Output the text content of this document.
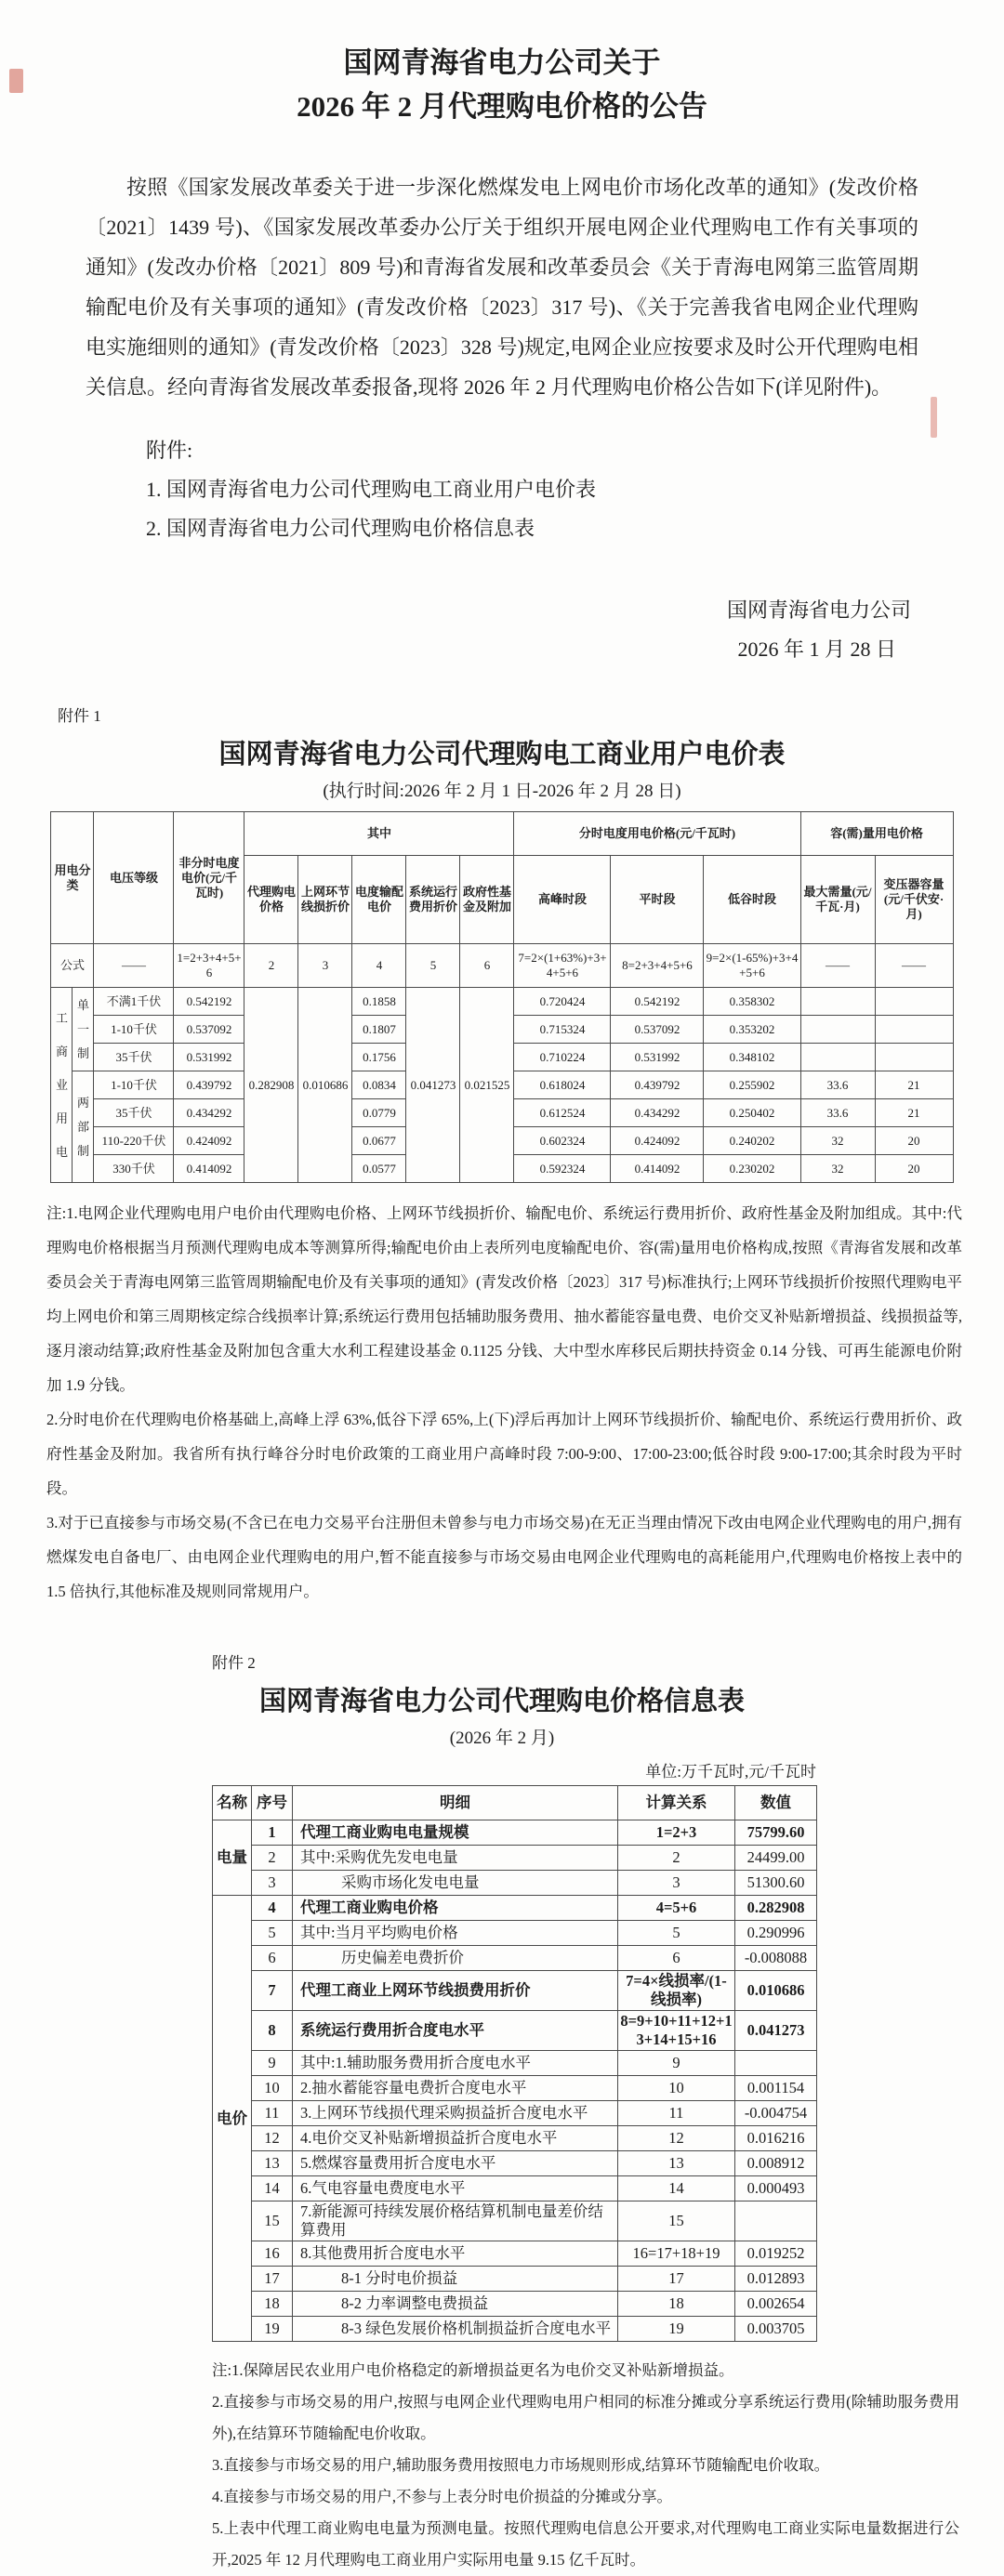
国网青海省电力公司关于
2026 年 2 月代理购电价格的公告

按照《国家发展改革委关于进一步深化燃煤发电上网电价市场化改革的通知》(发改价格〔2021〕1439 号)、《国家发展改革委办公厅关于组织开展电网企业代理购电工作有关事项的通知》(发改办价格〔2021〕809 号)和青海省发展和改革委员会《关于青海电网第三监管周期输配电价及有关事项的通知》(青发改价格〔2023〕317 号)、《关于完善我省电网企业代理购电实施细则的通知》(青发改价格〔2023〕328 号)规定,电网企业应按要求及时公开代理购电相关信息。经向青海省发展改革委报备,现将 2026 年 2 月代理购电价格公告如下(详见附件)。

附件:
1. 国网青海省电力公司代理购电工商业用户电价表
2. 国网青海省电力公司代理购电价格信息表
国网青海省电力公司
2026 年 1 月 28 日
附件 1
国网青海省电力公司代理购电工商业用户电价表
(执行时间:2026 年 2 月 1 日-2026 年 2 月 28 日)
用电分类		电压等级	非分时电度电价(元/千瓦时)	其中					分时电度用电价格(元/千瓦时)			容(需)量用电价格	
				代理购电价格	上网环节线损折价	电度输配电价	系统运行费用折价	政府性基金及附加	高峰时段	平时段	低谷时段	最大需量(元/千瓦·月)	变压器容量(元/千伏安·月)
公式		——	1=2+3+4+5+6	2	3	4	5	6	7=2×(1+63%)+3+4+5+6	8=2+3+4+5+6	9=2×(1-65%)+3+4+5+6	——	——
工商业用电	单一制	不满1千伏	0.542192	0.282908	0.010686	0.1858	0.041273	0.021525	0.720424	0.542192	0.358302		
		1-10千伏	0.537092			0.1807			0.715324	0.537092	0.353202		
		35千伏	0.531992			0.1756			0.710224	0.531992	0.348102		
	两部制	1-10千伏	0.439792			0.0834			0.618024	0.439792	0.255902	33.6	21
		35千伏	0.434292			0.0779			0.612524	0.434292	0.250402	33.6	21
		110-220千伏	0.424092			0.0677			0.602324	0.424092	0.240202	32	20
		330千伏	0.414092			0.0577			0.592324	0.414092	0.230202	32	20

注:1.电网企业代理购电用户电价由代理购电价格、上网环节线损折价、输配电价、系统运行费用折价、政府性基金及附加组成。其中:代理购电价格根据当月预测代理购电成本等测算所得;输配电价由上表所列电度输配电价、容(需)量用电价格构成,按照《青海省发展和改革委员会关于青海电网第三监管周期输配电价及有关事项的通知》(青发改价格〔2023〕317 号)标准执行;上网环节线损折价按照代理购电平均上网电价和第三周期核定综合线损率计算;系统运行费用包括辅助服务费用、抽水蓄能容量电费、电价交叉补贴新增损益、线损损益等,逐月滚动结算;政府性基金及附加包含重大水利工程建设基金 0.1125 分钱、大中型水库移民后期扶持资金 0.14 分钱、可再生能源电价附加 1.9 分钱。

2.分时电价在代理购电价格基础上,高峰上浮 63%,低谷下浮 65%,上(下)浮后再加计上网环节线损折价、输配电价、系统运行费用折价、政府性基金及附加。我省所有执行峰谷分时电价政策的工商业用户高峰时段 7:00-9:00、17:00-23:00;低谷时段 9:00-17:00;其余时段为平时段。

3.对于已直接参与市场交易(不含已在电力交易平台注册但未曾参与电力市场交易)在无正当理由情况下改由电网企业代理购电的用户,拥有燃煤发电自备电厂、由电网企业代理购电的用户,暂不能直接参与市场交易由电网企业代理购电的高耗能用户,代理购电价格按上表中的 1.5 倍执行,其他标准及规则同常规用户。

附件 2
国网青海省电力公司代理购电价格信息表
(2026 年 2 月)
单位:万千瓦时,元/千瓦时
名称	序号	明细	计算关系	数值
电量	1	代理工商业购电电量规模	1=2+3	75799.60
	2	其中:采购优先发电电量	2	24499.00
	3	采购市场化发电电量	3	51300.60
电价	4	代理工商业购电价格	4=5+6	0.282908
	5	其中:当月平均购电价格	5	0.290996
	6	历史偏差电费折价	6	-0.008088
	7	代理工商业上网环节线损费用折价	7=4×线损率/(1-线损率)	0.010686
	8	系统运行费用折合度电水平	8=9+10+11+12+13+14+15+16	0.041273
	9	其中:1.辅助服务费用折合度电水平	9	
	10	2.抽水蓄能容量电费折合度电水平	10	0.001154
	11	3.上网环节线损代理采购损益折合度电水平	11	-0.004754
	12	4.电价交叉补贴新增损益折合度电水平	12	0.016216
	13	5.燃煤容量费用折合度电水平	13	0.008912
	14	6.气电容量电费度电水平	14	0.000493
	15	7.新能源可持续发展价格结算机制电量差价结算费用	15	
	16	8.其他费用折合度电水平	16=17+18+19	0.019252
	17	8-1 分时电价损益	17	0.012893
	18	8-2 力率调整电费损益	18	0.002654
	19	8-3 绿色发展价格机制损益折合度电水平	19	0.003705

注:1.保障居民农业用户电价格稳定的新增损益更名为电价交叉补贴新增损益。

2.直接参与市场交易的用户,按照与电网企业代理购电用户相同的标准分摊或分享系统运行费用(除辅助服务费用外),在结算环节随输配电价收取。

3.直接参与市场交易的用户,辅助服务费用按照电力市场规则形成,结算环节随输配电价收取。

4.直接参与市场交易的用户,不参与上表分时电价损益的分摊或分享。

5.上表中代理工商业购电电量为预测电量。按照代理购电信息公开要求,对代理购电工商业实际电量数据进行公开,2025 年 12 月代理购电工商业用户实际用电量 9.15 亿千瓦时。
